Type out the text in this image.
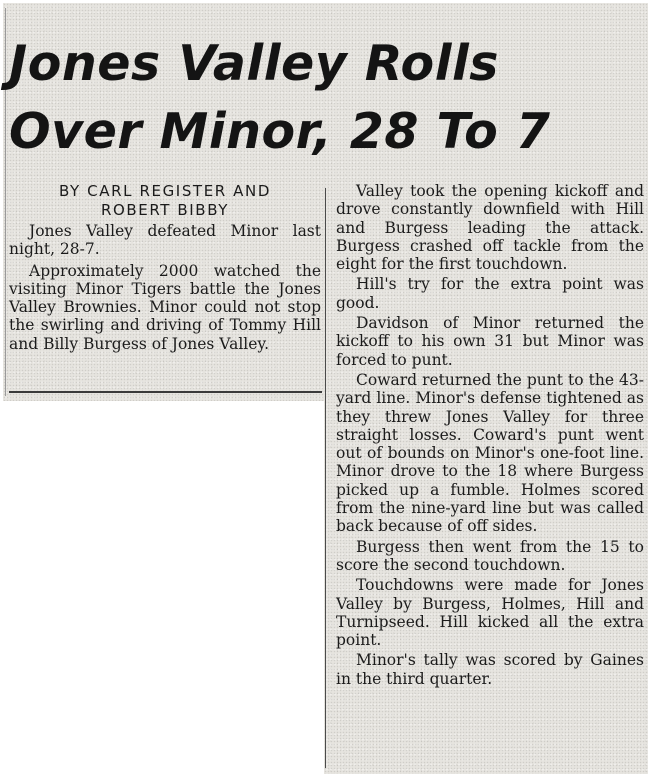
Jones Valley Rolls
Over Minor, 28 To 7

BY CARL REGISTER AND
ROBERT BIBBY

Jones Valley defeated Minor last night, 28-7.

Approximately 2000 watched the visiting Minor Tigers battle the Jones Valley Brownies. Minor could not stop the swirling and driving of Tommy Hill and Billy Burgess of Jones Valley.

Valley took the opening kickoff and drove constantly downfield with Hill and Burgess leading the attack. Burgess crashed off tackle from the eight for the first touchdown.

Hill's try for the extra point was good.

Davidson of Minor returned the kickoff to his own 31 but Minor was forced to punt.

Coward returned the punt to the 43-yard line. Minor's defense tightened as they threw Jones Valley for three straight losses. Coward's punt went out of bounds on Minor's one-foot line. Minor drove to the 18 where Burgess picked up a fumble. Holmes scored from the nine-yard line but was called back because of off sides.

Burgess then went from the 15 to score the second touchdown.

Touchdowns were made for Jones Valley by Burgess, Holmes, Hill and Turnipseed. Hill kicked all the extra point.

Minor's tally was scored by Gaines in the third quarter.
